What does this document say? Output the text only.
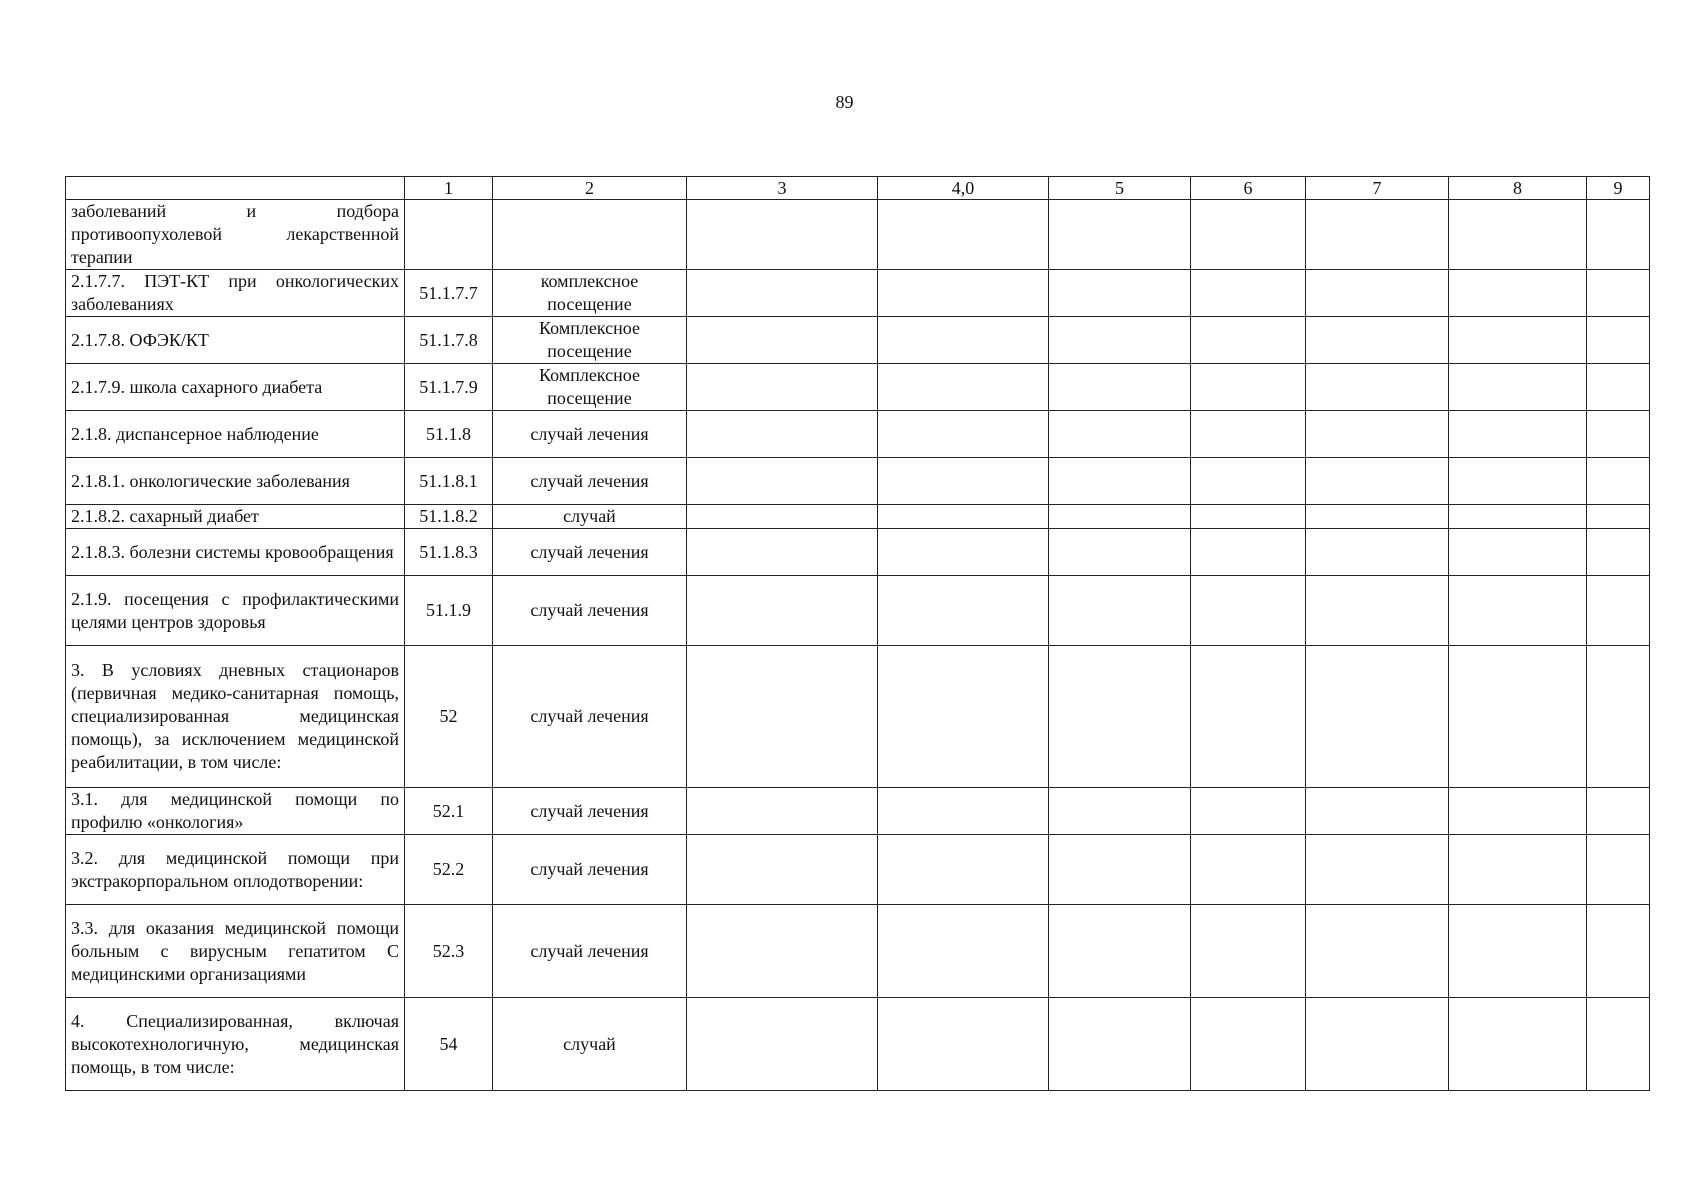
89
	1	2	3	4,0	5	6	7	8	9
заболеваний и подбора противоопухолевой лекарственной терапии									
2.1.7.7. ПЭТ-КТ при онкологических заболеваниях	51.1.7.7	комплексное посещение							
2.1.7.8. ОФЭК/КТ	51.1.7.8	Комплексное посещение							
2.1.7.9. школа сахарного диабета	51.1.7.9	Комплексное посещение							
2.1.8. диспансерное наблюдение	51.1.8	случай лечения							
2.1.8.1. онкологические заболевания	51.1.8.1	случай лечения							
2.1.8.2. сахарный диабет	51.1.8.2	случай							
2.1.8.3. болезни системы кровообращения	51.1.8.3	случай лечения							
2.1.9. посещения с профилактическими целями центров здоровья	51.1.9	случай лечения							
3. В условиях дневных стационаров (первичная медико-санитарная помощь, специализированная медицинская помощь), за исключением медицинской реабилитации, в том числе:	52	случай лечения							
3.1. для медицинской помощи по профилю «онкология»	52.1	случай лечения							
3.2. для медицинской помощи при экстракорпоральном оплодотворении:	52.2	случай лечения							
3.3. для оказания медицинской помощи больным с вирусным гепатитом С медицинскими организациями	52.3	случай лечения							
4. Специализированная, включая высокотехнологичную, медицинская помощь, в том числе:	54	случай							
